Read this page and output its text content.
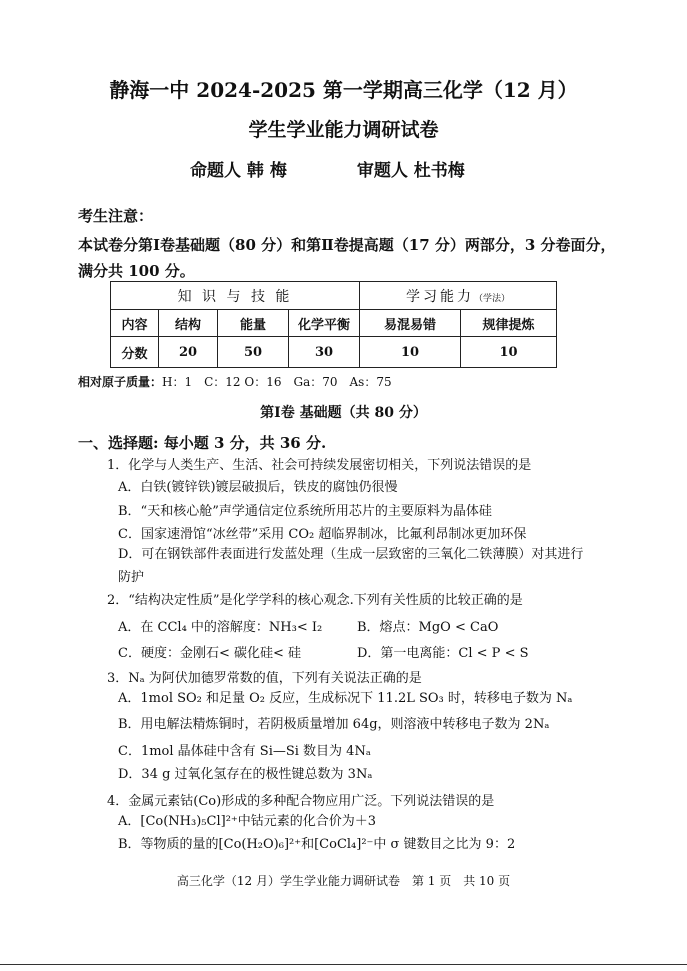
静海一中 2024-2025 第一学期高三化学（12 月）
学生学业能力调研试卷
命题人 韩 梅	审题人 杜书梅
考生注意：
本试卷分第Ⅰ卷基础题（80 分）和第Ⅱ卷提高题（17 分）两部分，3 分卷面分，
满分共 100 分。
知 识 与 技 能				学习能力（学法）	
内容	结构	能量	化学平衡	易混易错	规律提炼
分数	20	50	30	10	10
相对原子质量：H：1　C：12 O：16　Ga：70　As：75
第Ⅰ卷 基础题（共 80 分）
一、选择题: 每小题 3 分，共 36 分.
1．化学与人类生产、生活、社会可持续发展密切相关，下列说法错误的是
A．白铁(镀锌铁)镀层破损后，铁皮的腐蚀仍很慢
B．“天和核心舱”声学通信定位系统所用芯片的主要原料为晶体硅
C．国家速滑馆“冰丝带”采用 CO₂ 超临界制冰，比氟利昂制冰更加环保
D．可在钢铁部件表面进行发蓝处理（生成一层致密的三氧化二铁薄膜）对其进行
防护
2．“结构决定性质”是化学学科的核心观念.下列有关性质的比较正确的是
A．在 CCl₄ 中的溶解度：NH₃< I₂	B．熔点：MgO < CaO
C．硬度：金刚石< 碳化硅< 硅	D．第一电离能：Cl < P < S
3．Nₐ 为阿伏加德罗常数的值，下列有关说法正确的是
A．1mol SO₂ 和足量 O₂ 反应，生成标况下 11.2L SO₃ 时，转移电子数为 Nₐ
B．用电解法精炼铜时，若阴极质量增加 64g，则溶液中转移电子数为 2Nₐ
C．1mol 晶体硅中含有 Si—Si 数目为 4Nₐ
D．34 g 过氧化氢存在的极性键总数为 3Nₐ
4．金属元素钴(Co)形成的多种配合物应用广泛。下列说法错误的是
A．[Co(NH₃)₅Cl]²⁺中钴元素的化合价为＋3
B．等物质的量的[Co(H₂O)₆]²⁺和[CoCl₄]²⁻中 σ 键数目之比为 9：2
高三化学（12 月）学生学业能力调研试卷　第 1 页　共 10 页
